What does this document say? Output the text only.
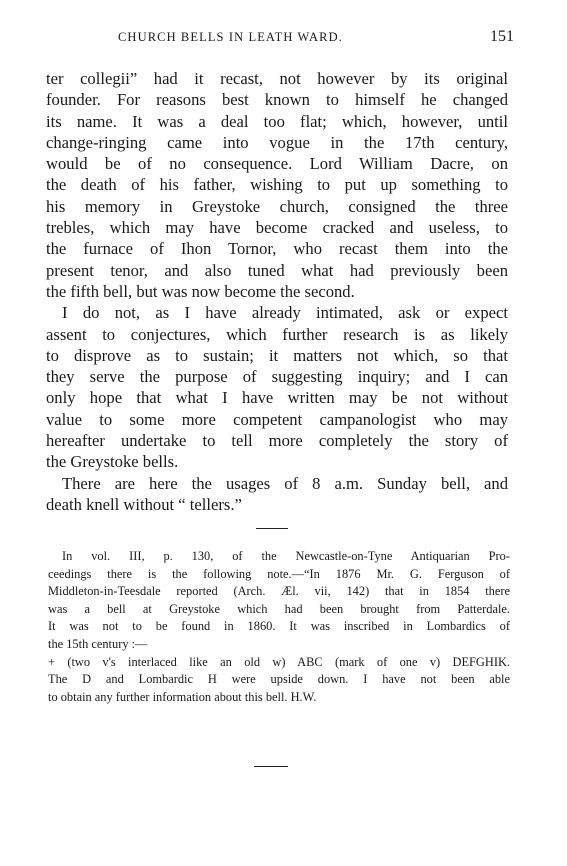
CHURCH BELLS IN LEATH WARD.	151
ter collegii” had it recast, not however by its original
founder. For reasons best known to himself he changed
its name. It was a deal too flat; which, however, until
change-ringing came into vogue in the 17th century,
would be of no consequence. Lord William Dacre, on
the death of his father, wishing to put up something to
his memory in Greystoke church, consigned the three
trebles, which may have become cracked and useless, to
the furnace of Ihon Tornor, who recast them into the
present tenor, and also tuned what had previously been
the fifth bell, but was now become the second.
I do not, as I have already intimated, ask or expect
assent to conjectures, which further research is as likely
to disprove as to sustain; it matters not which, so that
they serve the purpose of suggesting inquiry; and I can
only hope that what I have written may be not without
value to some more competent campanologist who may
hereafter undertake to tell more completely the story of
the Greystoke bells.
There are here the usages of 8 a.m. Sunday bell, and
death knell without “ tellers.”
In vol. III, p. 130, of the Newcastle-on-Tyne Antiquarian Pro-
ceedings there is the following note.—“In 1876 Mr. G. Ferguson of
Middleton-in-Teesdale reported (Arch. Æl. vii, 142) that in 1854 there
was a bell at Greystoke which had been brought from Patterdale.
It was not to be found in 1860. It was inscribed in Lombardics of
the 15th century :—
+ (two v's interlaced like an old w) ABC (mark of one v) DEFGHIK.
The D and Lombardic H were upside down. I have not been able
to obtain any further information about this bell. H.W.
